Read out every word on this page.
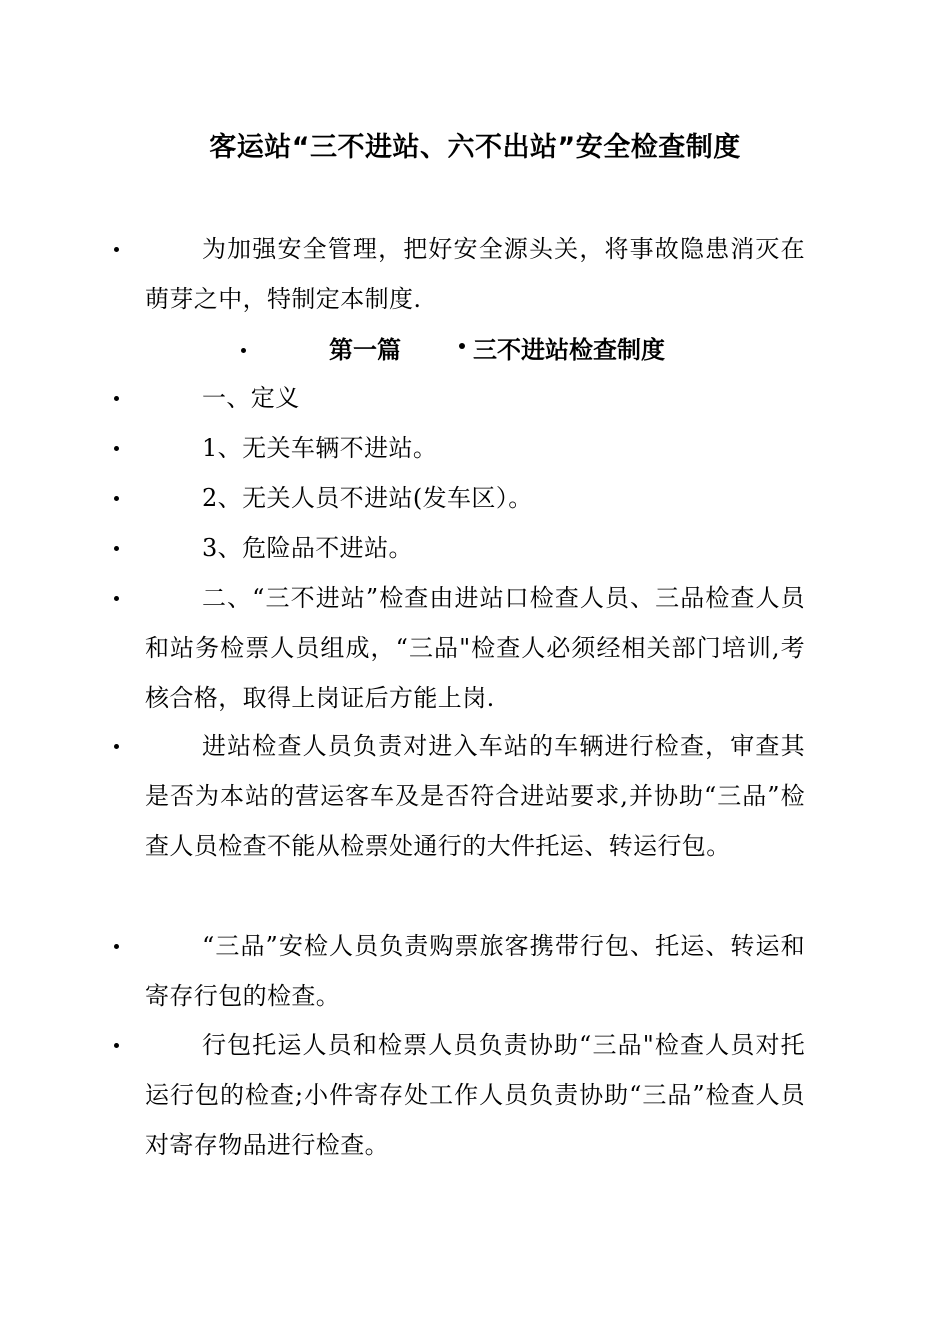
客运站“三不进站、六不出站”安全检查制度
为加强安全管理，把好安全源头关，将事故隐患消灭在萌芽之中，特制定本制度.
第一篇	三不进站检查制度
一、定义
1、无关车辆不进站。
2、无关人员不进站(发车区）。
3、危险品不进站。
二、“三不进站”检查由进站口检查人员、三品检查人员和站务检票人员组成，“三品"检查人必须经相关部门培训,考核合格，取得上岗证后方能上岗.
进站检查人员负责对进入车站的车辆进行检查，审查其是否为本站的营运客车及是否符合进站要求,并协助“三品”检查人员检查不能从检票处通行的大件托运、转运行包。
“三品”安检人员负责购票旅客携带行包、托运、转运和寄存行包的检查。
行包托运人员和检票人员负责协助“三品"检查人员对托运行包的检查;小件寄存处工作人员负责协助“三品”检查人员对寄存物品进行检查。
